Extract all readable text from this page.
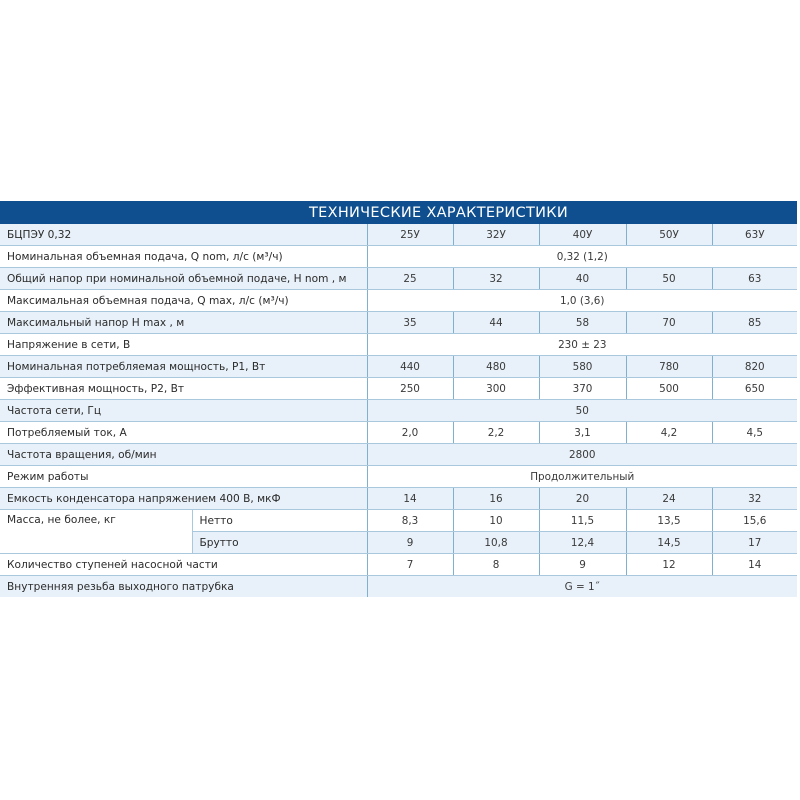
ТЕХНИЧЕСКИЕ ХАРАКТЕРИСТИКИ
БЦПЭУ 0,32		25У	32У	40У	50У	63У
Номинальная объемная подача, Q nom, л/с (м³/ч)		0,32 (1,2)				
Общий напор при номинальной объемной подаче, Н nom , м		25	32	40	50	63
Максимальная объемная подача, Q max, л/с (м³/ч)		1,0 (3,6)				
Максимальный напор Н max , м		35	44	58	70	85
Напряжение в сети, В		230 ± 23				
Номинальная потребляемая мощность, Р1, Вт		440	480	580	780	820
Эффективная мощность, Р2, Вт		250	300	370	500	650
Частота сети, Гц		50				
Потребляемый ток, А		2,0	2,2	3,1	4,2	4,5
Частота вращения, об/мин		2800				
Режим работы		Продолжительный				
Емкость конденсатора напряжением 400 В, мкФ		14	16	20	24	32
Масса, не более, кг	Нетто	8,3	10	11,5	13,5	15,6
	Брутто	9	10,8	12,4	14,5	17
Количество ступеней насосной части		7	8	9	12	14
Внутренняя резьба выходного патрубка		G = 1˝				
